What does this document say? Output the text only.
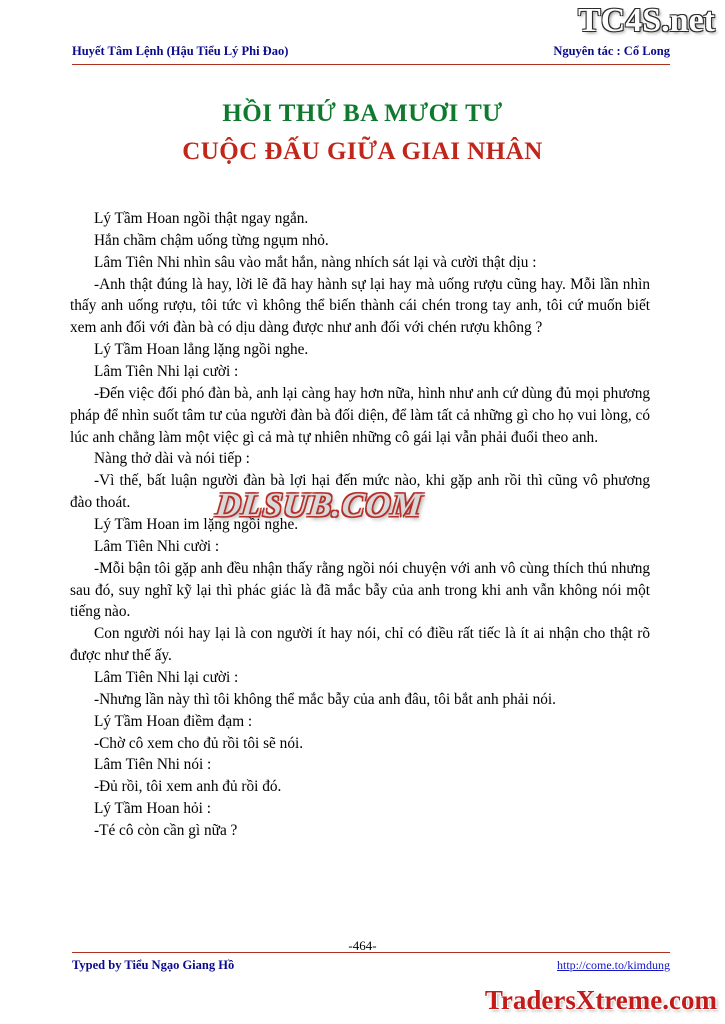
TC4S.net
Huyết Tâm Lệnh (Hậu Tiểu Lý Phi Đao)	Nguyên tác : Cổ Long
HỒI THỨ BA MƯƠI TƯ
CUỘC ĐẤU GIỮA GIAI NHÂN

Lý Tầm Hoan ngồi thật ngay ngắn.

Hắn chầm chậm uống từng ngụm nhỏ.

Lâm Tiên Nhi nhìn sâu vào mắt hắn, nàng nhích sát lại và cười thật dịu :

-Anh thật đúng là hay, lời lẽ đã hay hành sự lại hay mà uống rượu cũng hay. Mỗi lần nhìn thấy anh uống rượu, tôi tức vì không thể biến thành cái chén trong tay anh, tôi cứ muốn biết xem anh đối với đàn bà có dịu dàng được như anh đối với chén rượu không ?

Lý Tầm Hoan lẳng lặng ngồi nghe.

Lâm Tiên Nhi lại cười :

-Đến việc đối phó đàn bà, anh lại càng hay hơn nữa, hình như anh cứ dùng đủ mọi phương pháp để nhìn suốt tâm tư của người đàn bà đối diện, để làm tất cả những gì cho họ vui lòng, có lúc anh chẳng làm một việc gì cả mà tự nhiên những cô gái lại vẫn phải đuổi theo anh.

Nàng thở dài và nói tiếp :

-Vì thế, bất luận người đàn bà lợi hại đến mức nào, khi gặp anh rồi thì cũng vô phương đào thoát.

Lý Tầm Hoan im lặng ngồi nghe.

Lâm Tiên Nhi cười :

-Mỗi bận tôi gặp anh đều nhận thấy rằng ngồi nói chuyện với anh vô cùng thích thú nhưng sau đó, suy nghĩ kỹ lại thì phác giác là đã mắc bẫy của anh trong khi anh vẫn không nói một tiếng nào.

Con người nói hay lại là con người ít hay nói, chỉ có điều rất tiếc là ít ai nhận cho thật rõ được như thế ấy.

Lâm Tiên Nhi lại cười :

-Nhưng lần này thì tôi không thể mắc bẫy của anh đâu, tôi bắt anh phải nói.

Lý Tầm Hoan điềm đạm :

-Chờ cô xem cho đủ rồi tôi sẽ nói.

Lâm Tiên Nhi nói :

-Đủ rồi, tôi xem anh đủ rồi đó.

Lý Tầm Hoan hỏi :

-Té cô còn cần gì nữa ?

DLSUB.COM
-464-
Typed by Tiểu Ngạo Giang Hồ	http://come.to/kimdung
TradersXtreme.com
